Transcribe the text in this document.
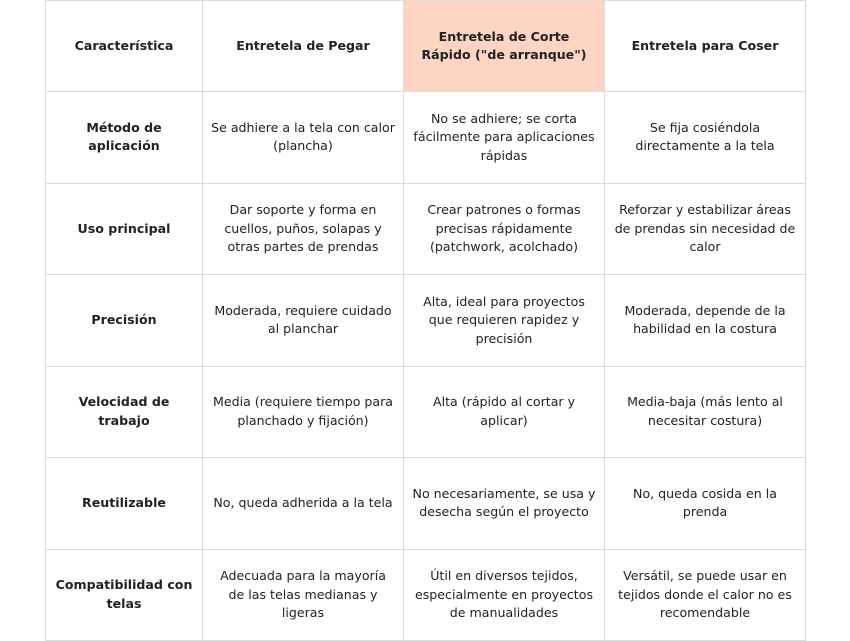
Característica	Entretela de Pegar	Entretela de Corte Rápido ("de arranque")	Entretela para Coser
Método de aplicación	Se adhiere a la tela con calor (plancha)	No se adhiere; se corta fácilmente para aplicaciones rápidas	Se fija cosiéndola directamente a la tela
Uso principal	Dar soporte y forma en cuellos, puños, solapas y otras partes de prendas	Crear patrones o formas precisas rápidamente (patchwork, acolchado)	Reforzar y estabilizar áreas de prendas sin necesidad de calor
Precisión	Moderada, requiere cuidado al planchar	Alta, ideal para proyectos que requieren rapidez y precisión	Moderada, depende de la habilidad en la costura
Velocidad de trabajo	Media (requiere tiempo para planchado y fijación)	Alta (rápido al cortar y aplicar)	Media-baja (más lento al necesitar costura)
Reutilizable	No, queda adherida a la tela	No necesariamente, se usa y desecha según el proyecto	No, queda cosida en la prenda
Compatibilidad con telas	Adecuada para la mayoría de las telas medianas y ligeras	Útil en diversos tejidos, especialmente en proyectos de manualidades	Versátil, se puede usar en tejidos donde el calor no es recomendable
